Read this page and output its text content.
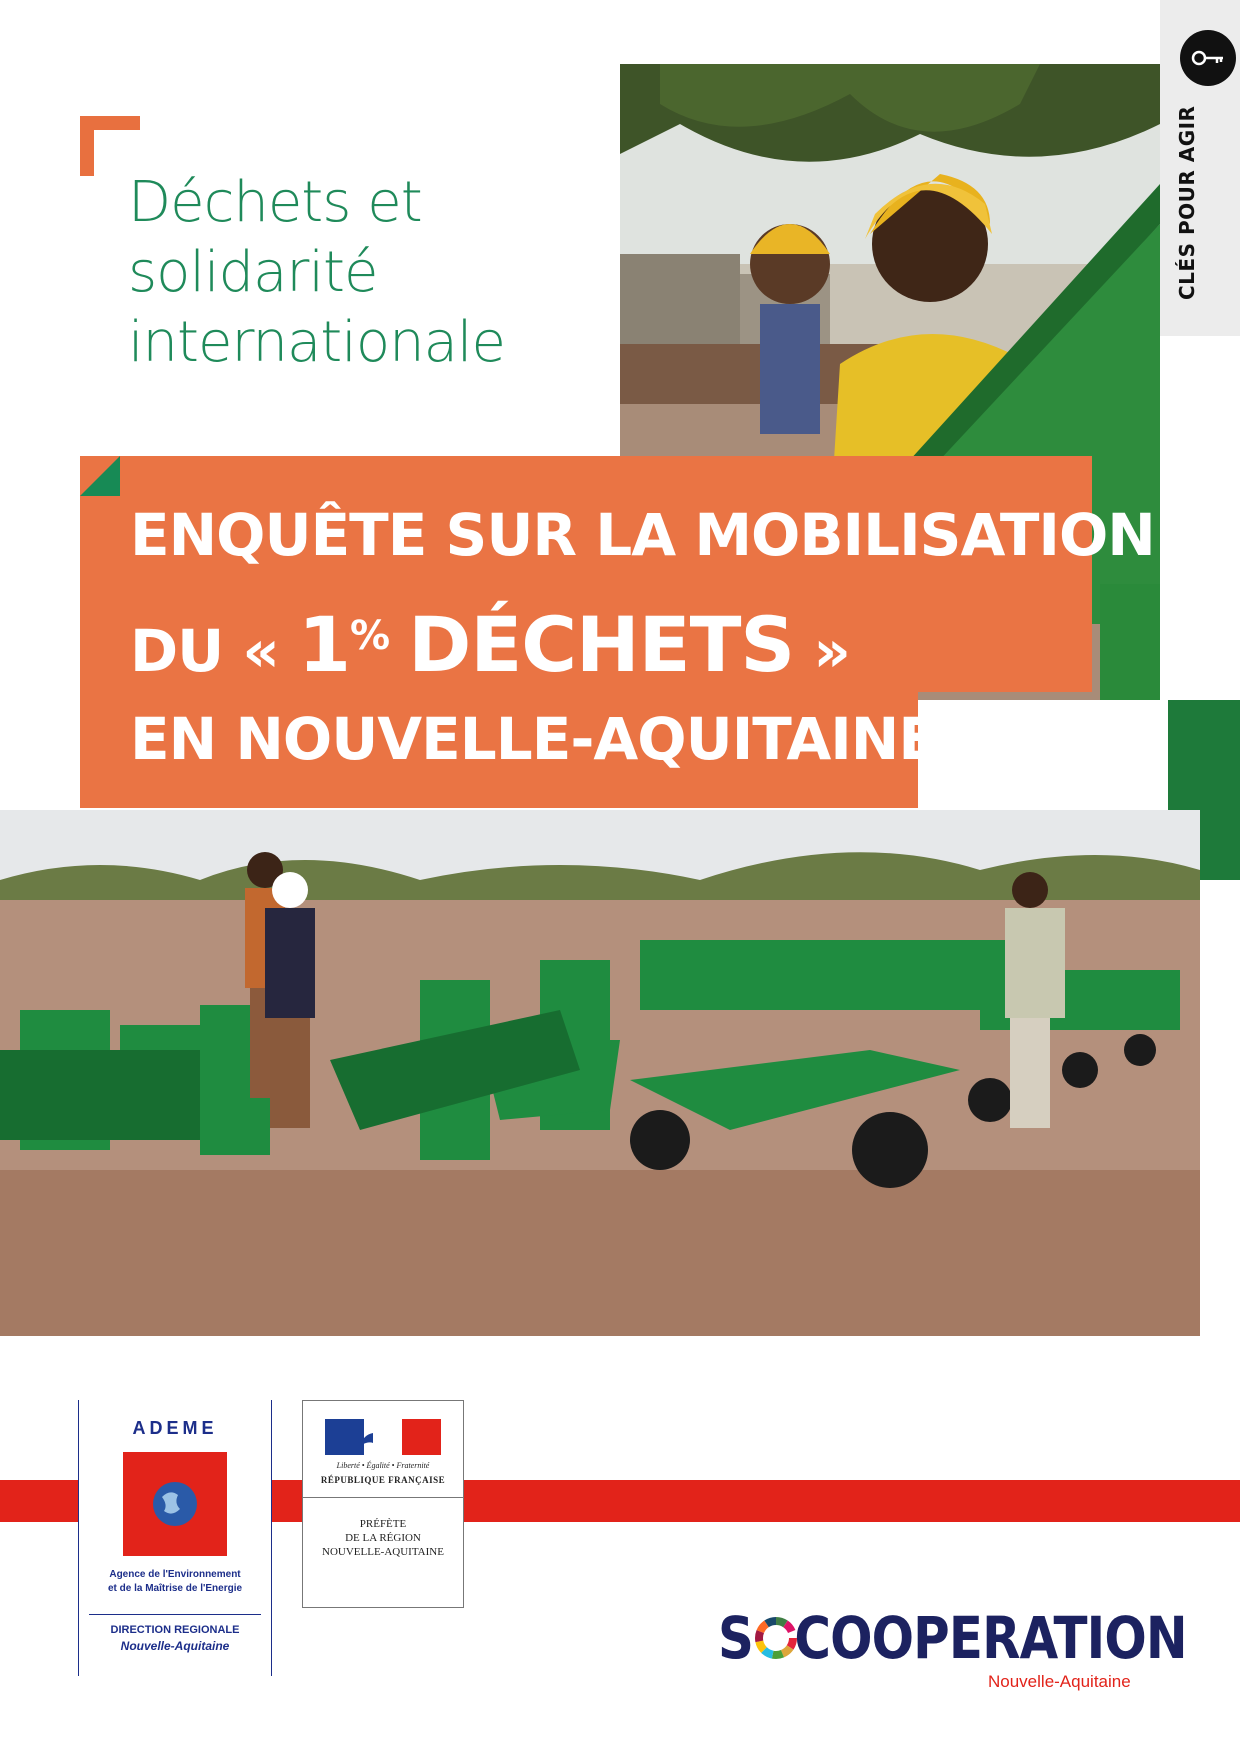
Déchets et
solidarité
internationale
ENQUÊTE SUR LA MOBILISATION
DU « 1% DÉCHETS »
EN NOUVELLE-AQUITAINE
CLÉS POUR AGIR
ADEME
Agence de l'Environnement
et de la Maîtrise de l'Energie
DIRECTION REGIONALE
Nouvelle-Aquitaine
Liberté • Égalité • Fraternité
RÉPUBLIQUE FRANÇAISE
PRÉFÈTE
DE LA RÉGION
NOUVELLE-AQUITAINE
S COOPERATION
Nouvelle-Aquitaine
